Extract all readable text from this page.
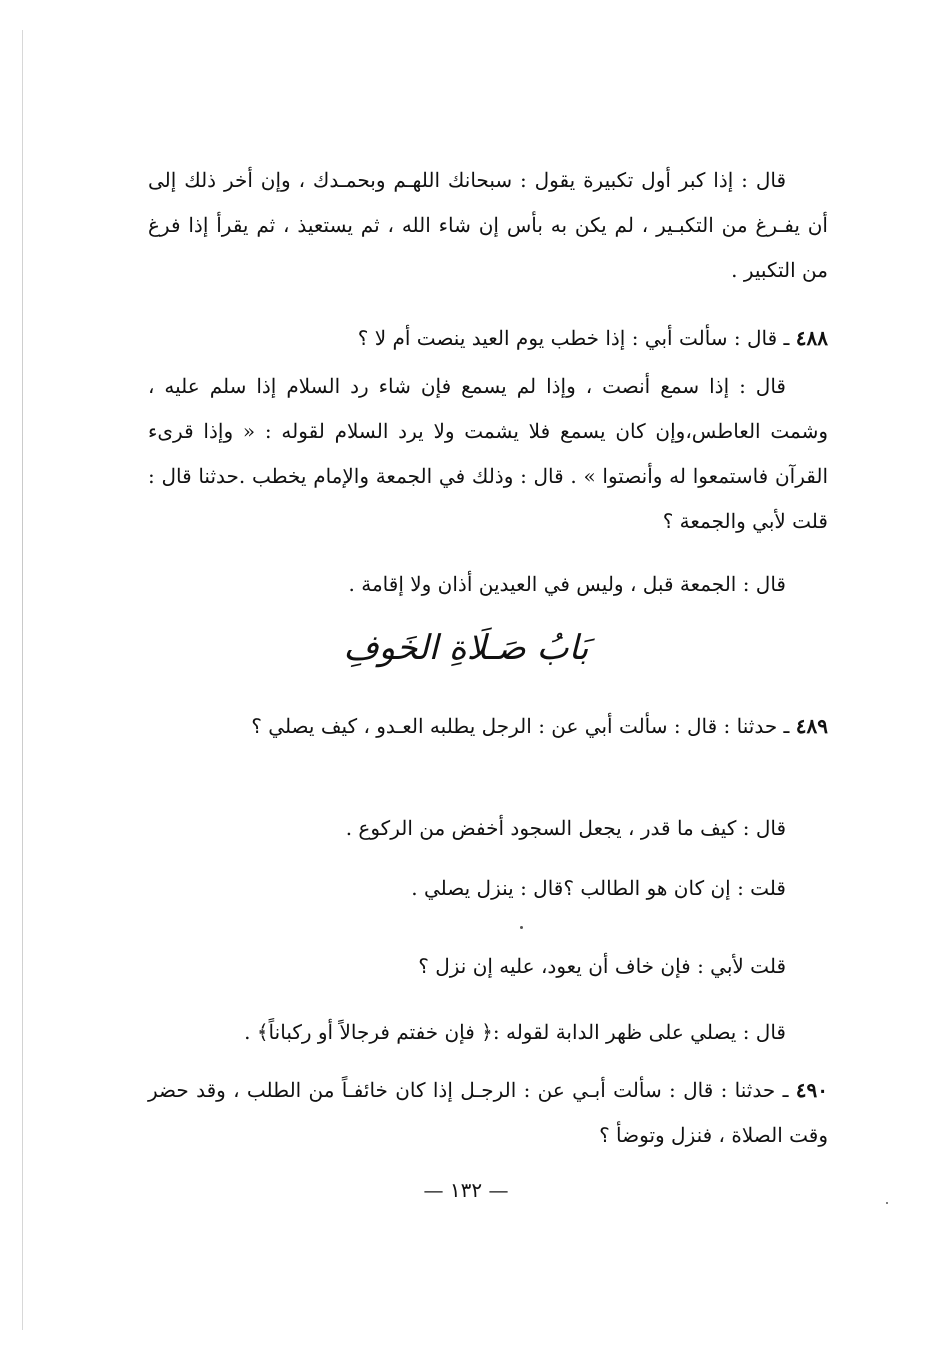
قال : إذا كبر أول تكبيرة يقول : سبحانك اللهـم وبحمـدك ، وإن أخر ذلك إلى أن يفـرغ من التكبـير ، لم يكن به بأس إن شاء الله ، ثم يستعيذ ، ثم يقرأ إذا فرغ من التكبير .

٤٨٨ ـ قال : سألت أبي : إذا خطب يوم العيد ينصت أم لا ؟

قال : إذا سمع أنصت ، وإذا لم يسمع فإن شاء رد السلام إذا سلم عليه ، وشمت العاطس،وإن كان يسمع فلا يشمت ولا يرد السلام لقوله : « وإذا قرىء القرآن فاستمعوا له وأنصتوا » . قال : وذلك في الجمعة والإمام يخطب .حدثنا قال : قلت لأبي والجمعة ؟

قال : الجمعة قبل ، وليس في العيدين أذان ولا إقامة .

بَابُ صَـلَاةِ الخَوفِ

٤٨٩ ـ حدثنا : قال : سألت أبي عن : الرجل يطلبه العـدو ، كيف يصلي ؟

قال : كيف ما قدر ، يجعل السجود أخفض من الركوع .

قلت : إن كان هو الطالب ؟قال : ينزل يصلي .

قلت لأبي : فإن خاف أن يعود، عليه إن نزل ؟

قال : يصلي على ظهر الدابة لقوله :﴿ فإن خفتم فرجالاً أو ركباناً﴾ .

٤٩٠ ـ حدثنا : قال : سألت أبـي عن : الرجـل إذا كان خائفـاً من الطلب ، وقد حضر وقت الصلاة ، فنزل وتوضأ ؟

— ١٣٢ —
